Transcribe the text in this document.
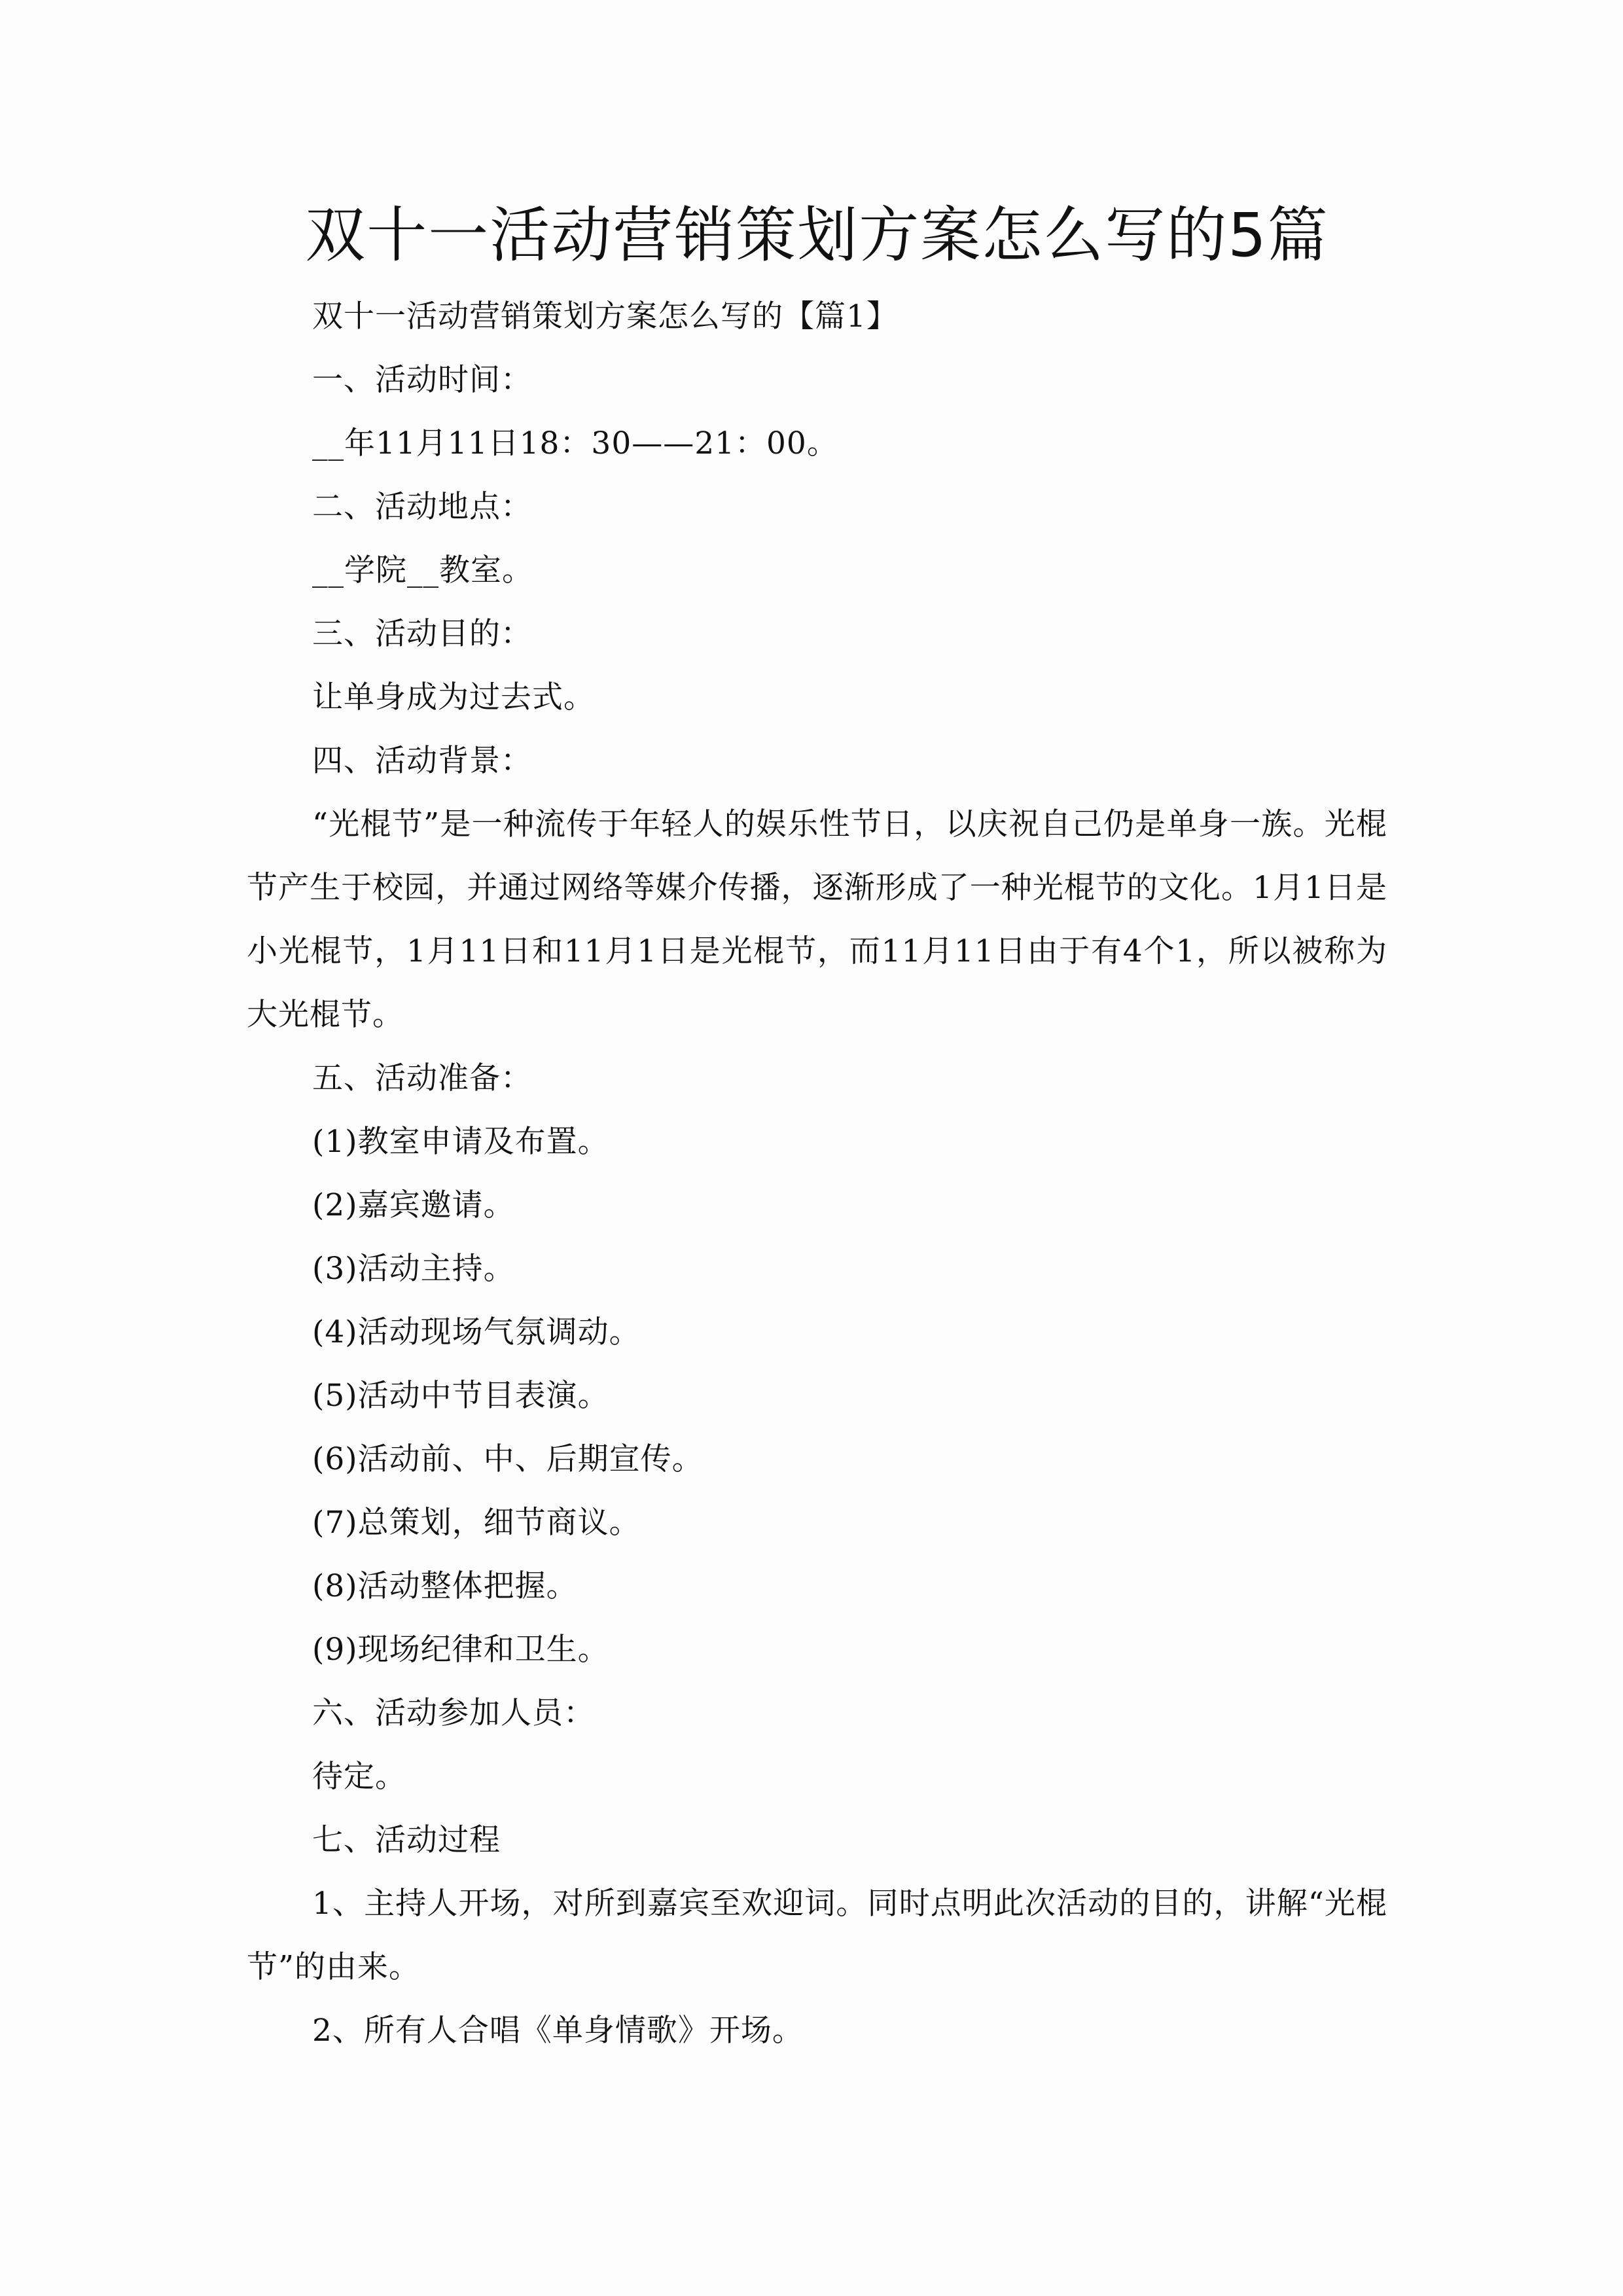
双十一活动营销策划方案怎么写的5篇

双十一活动营销策划方案怎么写的【篇1】

一、活动时间：

__年11月11日18：30——21：00。

二、活动地点：

__学院__教室。

三、活动目的：

让单身成为过去式。

四、活动背景：

“光棍节”是一种流传于年轻人的娱乐性节日，以庆祝自己仍是单身一族。光棍节产生于校园，并通过网络等媒介传播，逐渐形成了一种光棍节的文化。1月1日是小光棍节，1月11日和11月1日是光棍节，而11月11日由于有4个1，所以被称为大光棍节。

五、活动准备：

(1)教室申请及布置。

(2)嘉宾邀请。

(3)活动主持。

(4)活动现场气氛调动。

(5)活动中节目表演。

(6)活动前、中、后期宣传。

(7)总策划，细节商议。

(8)活动整体把握。

(9)现场纪律和卫生。

六、活动参加人员：

待定。

七、活动过程

1、主持人开场，对所到嘉宾至欢迎词。同时点明此次活动的目的，讲解“光棍节”的由来。

2、所有人合唱《单身情歌》开场。
